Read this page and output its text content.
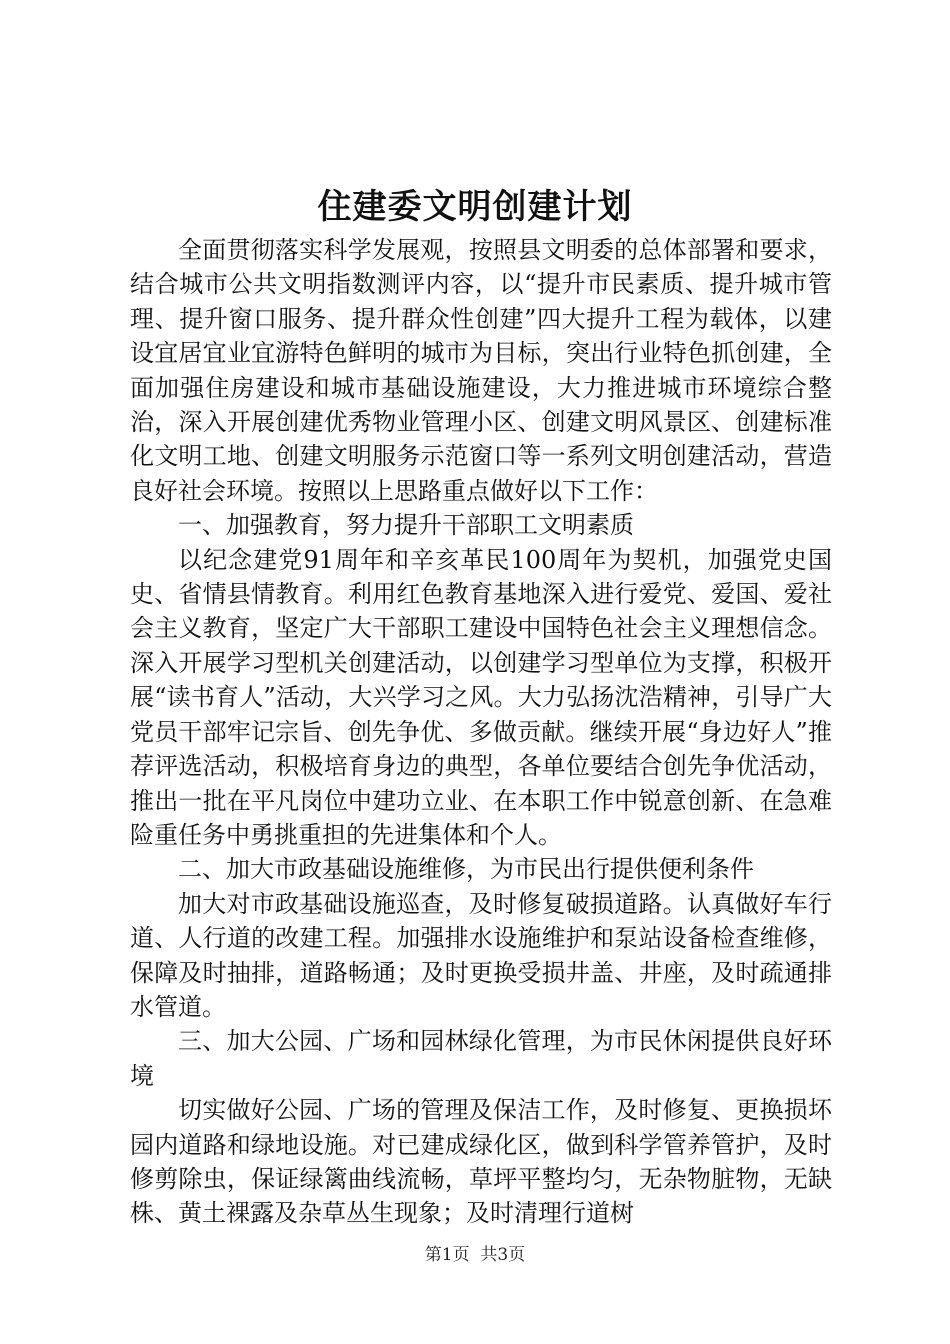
住建委文明创建计划

全面贯彻落实科学发展观，按照县文明委的总体部署和要求，结合城市公共文明指数测评内容，以“提升市民素质、提升城市管理、提升窗口服务、提升群众性创建”四大提升工程为载体，以建设宜居宜业宜游特色鲜明的城市为目标，突出行业特色抓创建，全面加强住房建设和城市基础设施建设，大力推进城市环境综合整治，深入开展创建优秀物业管理小区、创建文明风景区、创建标准化文明工地、创建文明服务示范窗口等一系列文明创建活动，营造良好社会环境。按照以上思路重点做好以下工作：

一、加强教育，努力提升干部职工文明素质

以纪念建党91周年和辛亥革民100周年为契机，加强党史国史、省情县情教育。利用红色教育基地深入进行爱党、爱国、爱社会主义教育，坚定广大干部职工建设中国特色社会主义理想信念。深入开展学习型机关创建活动，以创建学习型单位为支撑，积极开展“读书育人”活动，大兴学习之风。大力弘扬沈浩精神，引导广大党员干部牢记宗旨、创先争优、多做贡献。继续开展“身边好人”推荐评选活动，积极培育身边的典型，各单位要结合创先争优活动，推出一批在平凡岗位中建功立业、在本职工作中锐意创新、在急难险重任务中勇挑重担的先进集体和个人。

二、加大市政基础设施维修，为市民出行提供便利条件

加大对市政基础设施巡查，及时修复破损道路。认真做好车行道、人行道的改建工程。加强排水设施维护和泵站设备检查维修，保障及时抽排，道路畅通；及时更换受损井盖、井座，及时疏通排水管道。

三、加大公园、广场和园林绿化管理，为市民休闲提供良好环境

切实做好公园、广场的管理及保洁工作，及时修复、更换损坏园内道路和绿地设施。对已建成绿化区，做到科学管养管护，及时修剪除虫，保证绿篱曲线流畅，草坪平整均匀，无杂物脏物，无缺株、黄土裸露及杂草丛生现象；及时清理行道树

第1页  共3页
